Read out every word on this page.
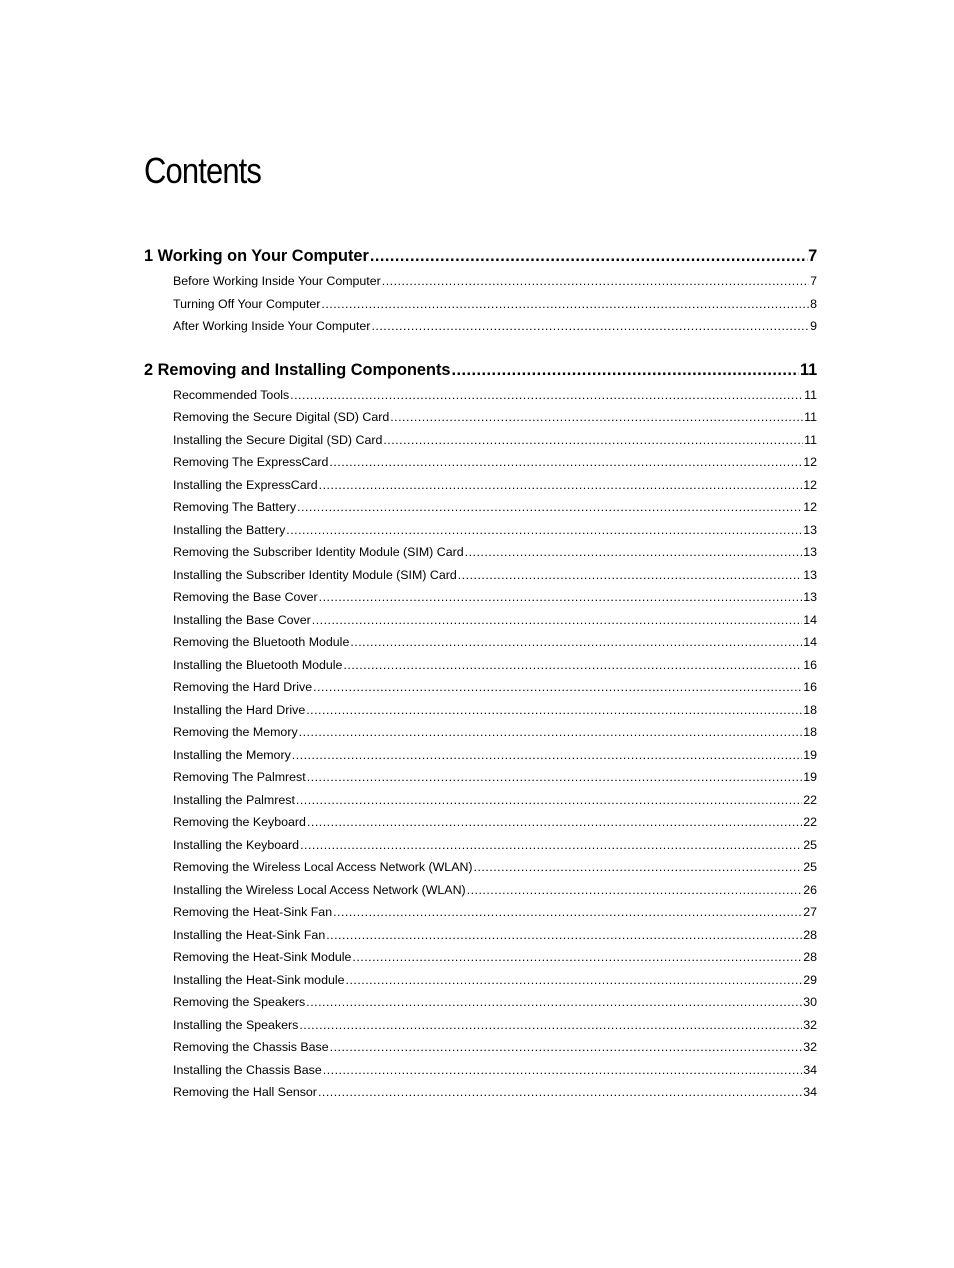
Contents
1 Working on Your Computer .....	7
Before Working Inside Your Computer .....	7
Turning Off Your Computer .....	8
After Working Inside Your Computer .....	9
2 Removing and Installing Components .....	11
Recommended Tools .....	11
Removing the Secure Digital (SD) Card .....	11
Installing the Secure Digital (SD) Card .....	11
Removing The ExpressCard .....	12
Installing the ExpressCard .....	12
Removing The Battery .....	12
Installing the Battery .....	13
Removing the Subscriber Identity Module (SIM) Card .....	13
Installing the Subscriber Identity Module (SIM) Card .....	13
Removing the Base Cover .....	13
Installing the Base Cover .....	14
Removing the Bluetooth Module .....	14
Installing the Bluetooth Module .....	16
Removing the Hard Drive .....	16
Installing the Hard Drive .....	18
Removing the Memory .....	18
Installing the Memory .....	19
Removing The Palmrest .....	19
Installing the Palmrest .....	22
Removing the Keyboard .....	22
Installing the Keyboard .....	25
Removing the Wireless Local Access Network (WLAN) .....	25
Installing the Wireless Local Access Network (WLAN) .....	26
Removing the Heat-Sink Fan .....	27
Installing the Heat-Sink Fan .....	28
Removing the Heat-Sink Module .....	28
Installing the Heat-Sink module .....	29
Removing the Speakers .....	30
Installing the Speakers .....	32
Removing the Chassis Base .....	32
Installing the Chassis Base .....	34
Removing the Hall Sensor .....	34
